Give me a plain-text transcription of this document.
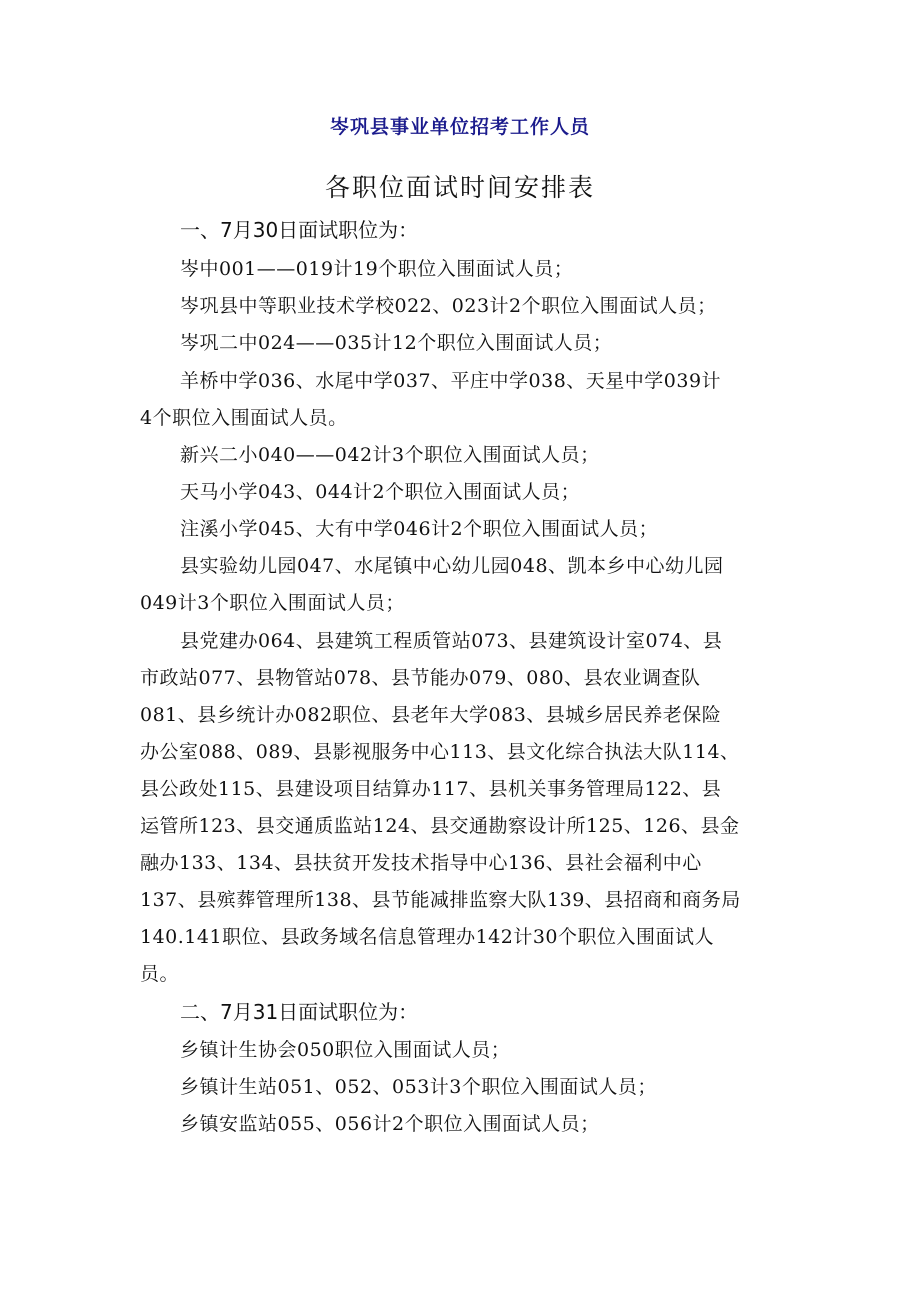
岑巩县事业单位招考工作人员
各职位面试时间安排表
一、7月30日面试职位为：
岑中001——019计19个职位入围面试人员；
岑巩县中等职业技术学校022、023计2个职位入围面试人员；
岑巩二中024——035计12个职位入围面试人员；
羊桥中学036、水尾中学037、平庄中学038、天星中学039计
4个职位入围面试人员。
新兴二小040——042计3个职位入围面试人员；
天马小学043、044计2个职位入围面试人员；
注溪小学045、大有中学046计2个职位入围面试人员；
县实验幼儿园047、水尾镇中心幼儿园048、凯本乡中心幼儿园
049计3个职位入围面试人员；
县党建办064、县建筑工程质管站073、县建筑设计室074、县
市政站077、县物管站078、县节能办079、080、县农业调查队
081、县乡统计办082职位、县老年大学083、县城乡居民养老保险
办公室088、089、县影视服务中心113、县文化综合执法大队114、
县公政处115、县建设项目结算办117、县机关事务管理局122、县
运管所123、县交通质监站124、县交通勘察设计所125、126、县金
融办133、134、县扶贫开发技术指导中心136、县社会福利中心
137、县殡葬管理所138、县节能减排监察大队139、县招商和商务局
140.141职位、县政务域名信息管理办142计30个职位入围面试人
员。
二、7月31日面试职位为：
乡镇计生协会050职位入围面试人员；
乡镇计生站051、052、053计3个职位入围面试人员；
乡镇安监站055、056计2个职位入围面试人员；
